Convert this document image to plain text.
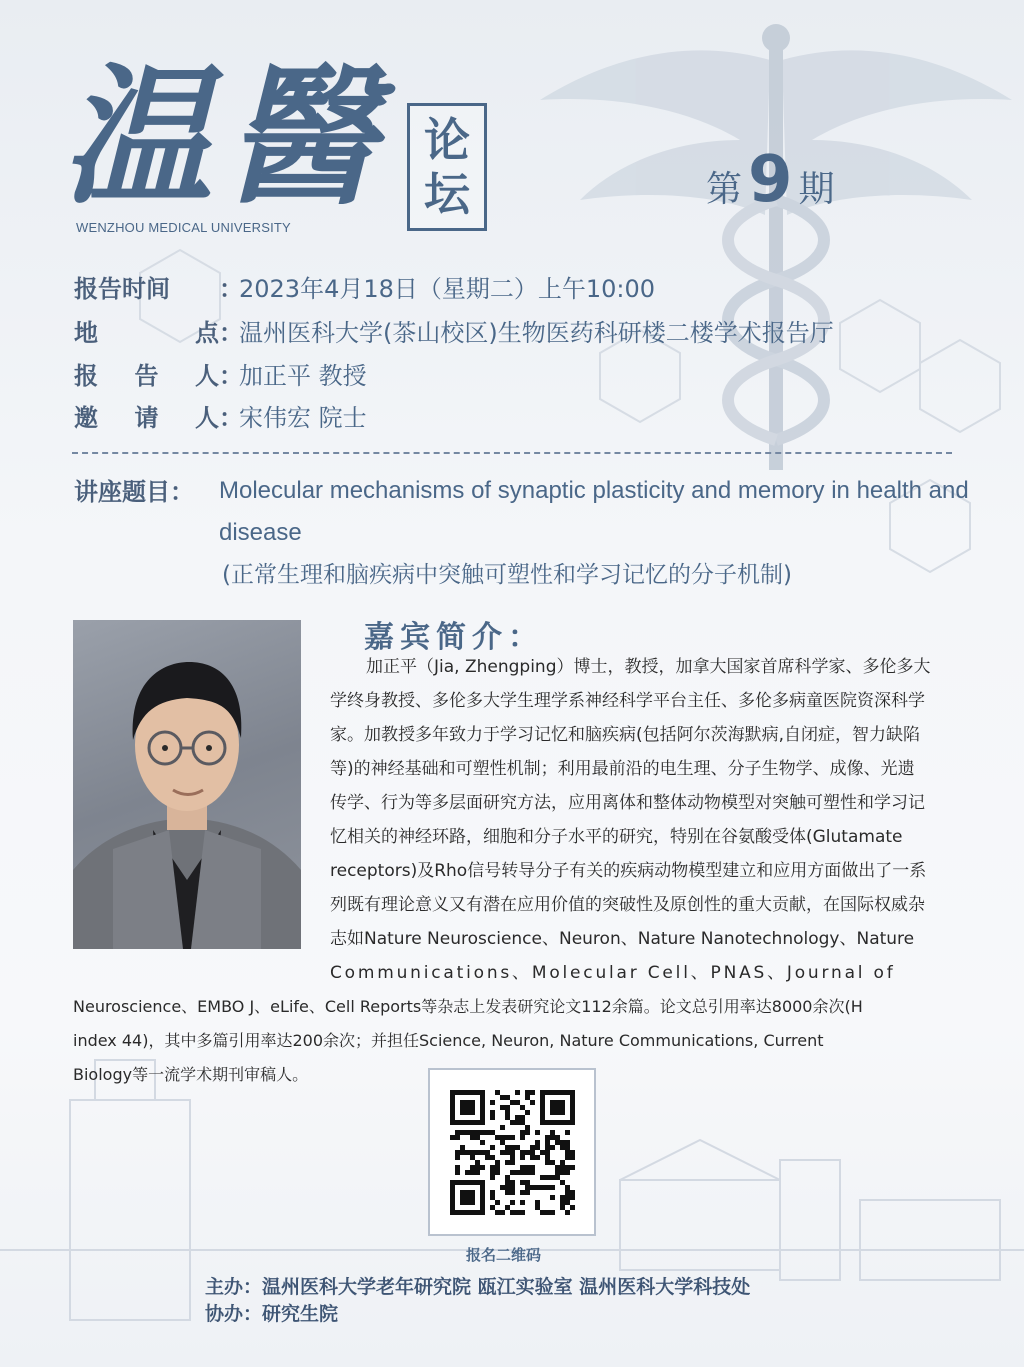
温 醫
WENZHOU MEDICAL UNIVERSITY
论
坛	第 9 期
报告时间	：
2023年4月18日（星期二）上午10:00
地	点 ：
温州医科大学(茶山校区)生物医药科研楼二楼学术报告厅
报 告 人 ：
加正平 教授
邀 请 人 ：
宋伟宏 院士
讲座题目： Molecular mechanisms of synaptic plasticity and memory in health and disease
(正常生理和脑疾病中突触可塑性和学习记忆的分子机制)
嘉宾简介：
加正平（Jia, Zhengping）博士，教授，加拿大国家首席科学家、多伦多大
学终身教授、多伦多大学生理学系神经科学平台主任、多伦多病童医院资深科学
家。加教授多年致力于学习记忆和脑疾病(包括阿尔茨海默病,自闭症，智力缺陷
等)的神经基础和可塑性机制；利用最前沿的电生理、分子生物学、成像、光遗
传学、行为等多层面研究方法，应用离体和整体动物模型对突触可塑性和学习记
忆相关的神经环路，细胞和分子水平的研究，特别在谷氨酸受体(Glutamate
receptors)及Rho信号转导分子有关的疾病动物模型建立和应用方面做出了一系
列既有理论意义又有潜在应用价值的突破性及原创性的重大贡献，在国际权威杂
志如Nature Neuroscience、Neuron、Nature Nanotechnology、Nature
Communications、Molecular Cell、PNAS、Journal of
Neuroscience、EMBO J、eLife、Cell Reports等杂志上发表研究论文112余篇。论文总引用率达8000余次(H
index 44)，其中多篇引用率达200余次；并担任Science, Neuron, Nature Communications, Current
Biology等一流学术期刊审稿人。
报名二维码
主办：温州医科大学老年研究院 瓯江实验室 温州医科大学科技处
协办：研究生院
